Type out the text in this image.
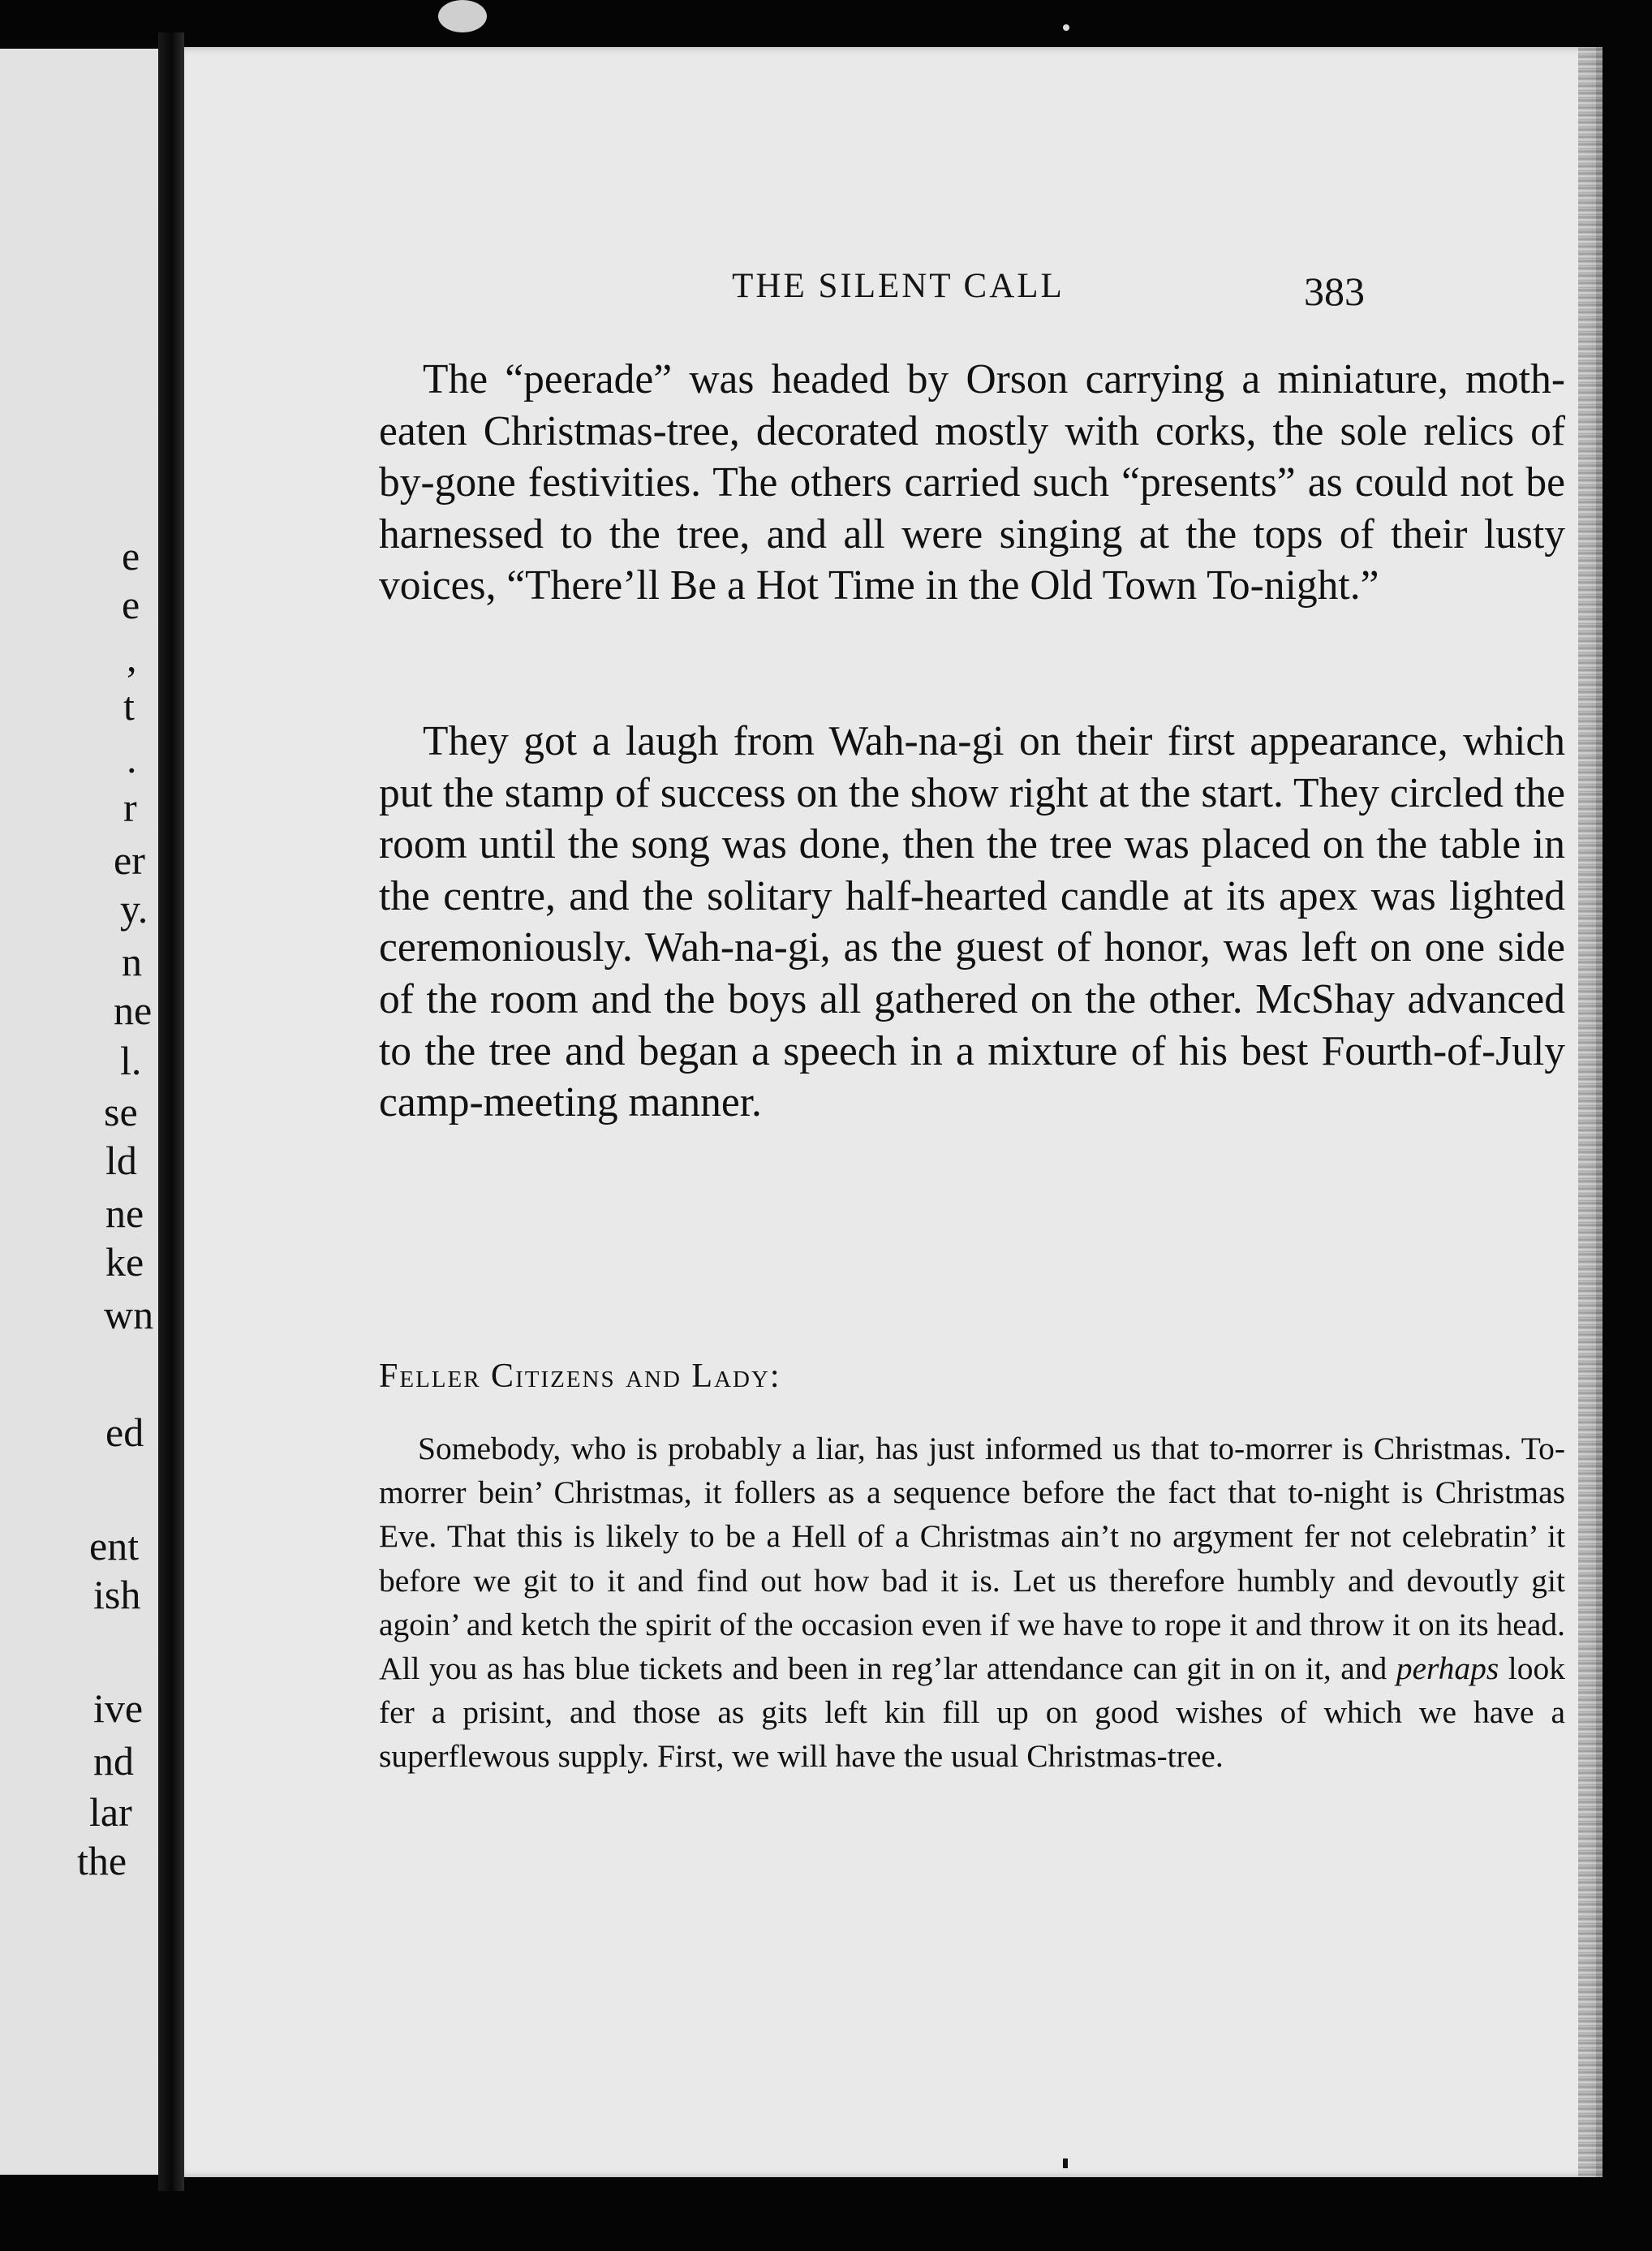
e
e
,
t
.
r
er
y.
n
ne
l.
se
ld
ne
ke
wn
ed
ent
ish
ive
nd
lar
the
THE SILENT CALL	383

The “peerade” was headed by Orson carrying a miniature, moth-eaten Christmas-tree, decorated mostly with corks, the sole relics of by-gone festivities. The others carried such “presents” as could not be harnessed to the tree, and all were singing at the tops of their lusty voices, “There’ll Be a Hot Time in the Old Town To-night.”

They got a laugh from Wah-na-gi on their first appearance, which put the stamp of success on the show right at the start. They circled the room until the song was done, then the tree was placed on the table in the centre, and the solitary half-hearted candle at its apex was lighted ceremoniously. Wah-na-gi, as the guest of honor, was left on one side of the room and the boys all gathered on the other. McShay advanced to the tree and began a speech in a mixture of his best Fourth-of-July camp-meeting manner.

Feller Citizens and Lady:

Somebody, who is probably a liar, has just informed us that to-morrer is Christmas. To-morrer bein’ Christmas, it follers as a sequence before the fact that to-night is Christmas Eve. That this is likely to be a Hell of a Christmas ain’t no argyment fer not celebratin’ it before we git to it and find out how bad it is. Let us therefore humbly and devoutly git agoin’ and ketch the spirit of the occasion even if we have to rope it and throw it on its head. All you as has blue tickets and been in reg’lar attendance can git in on it, and perhaps look fer a prisint, and those as gits left kin fill up on good wishes of which we have a superflewous supply. First, we will have the usual Christmas-tree.
